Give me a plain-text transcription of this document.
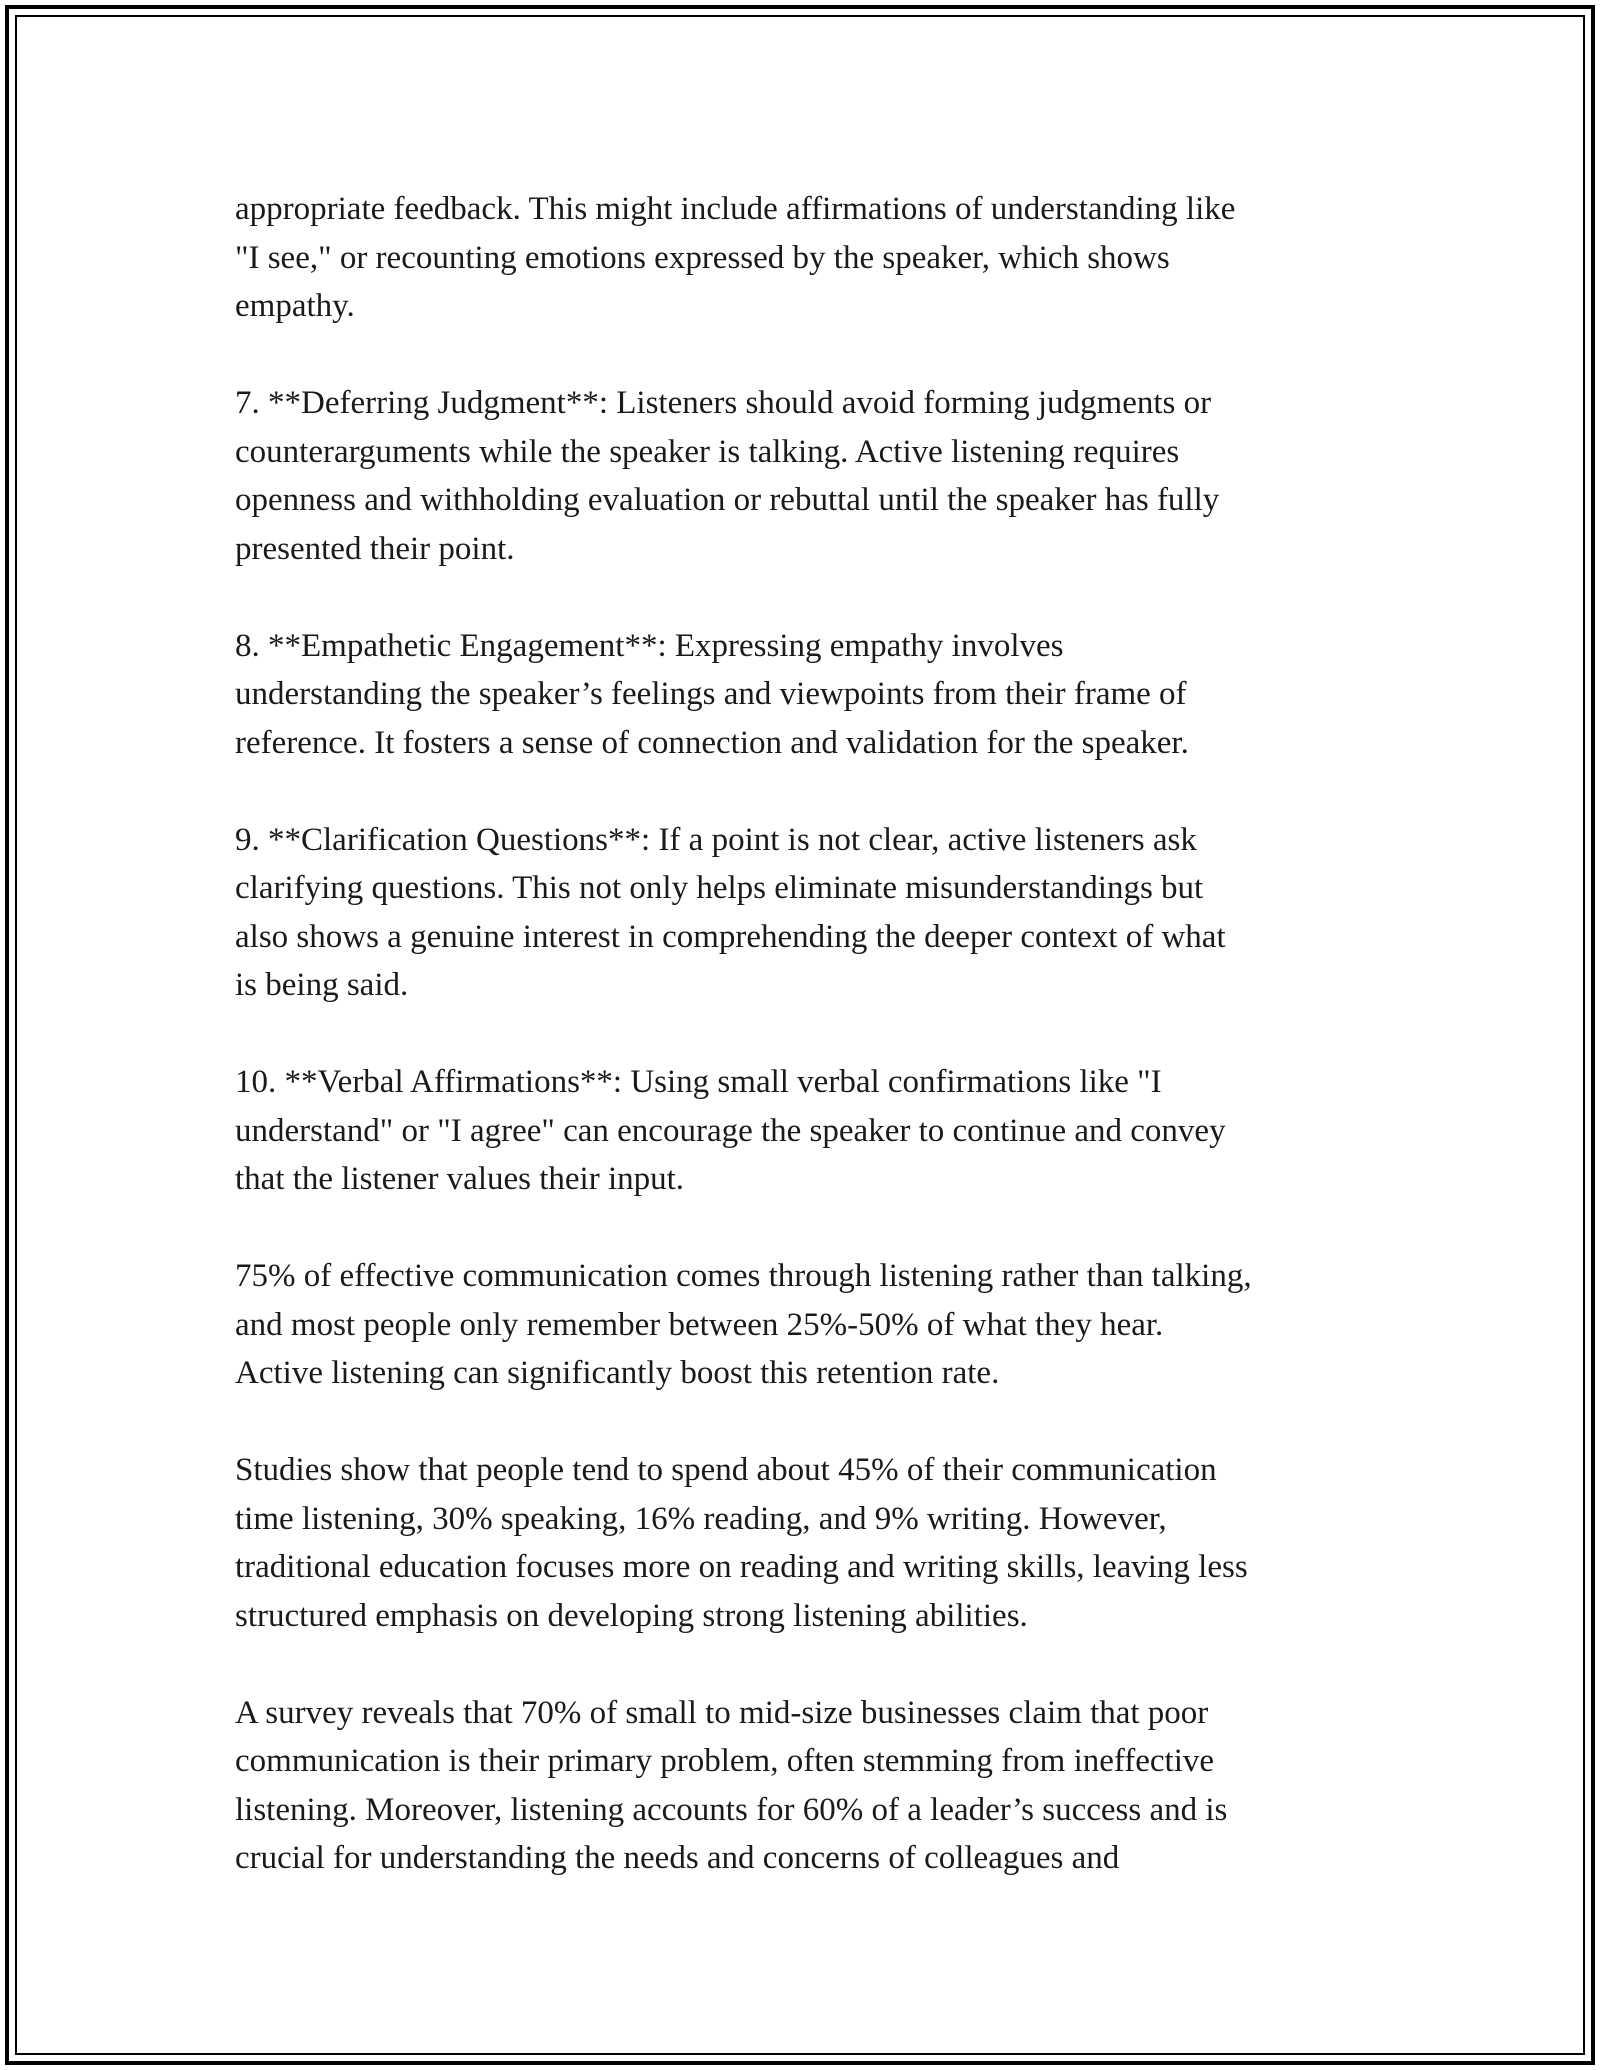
appropriate feedback. This might include affirmations of understanding like
"I see," or recounting emotions expressed by the speaker, which shows
empathy.

7. **Deferring Judgment**: Listeners should avoid forming judgments or
counterarguments while the speaker is talking. Active listening requires
openness and withholding evaluation or rebuttal until the speaker has fully
presented their point.

8. **Empathetic Engagement**: Expressing empathy involves
understanding the speaker’s feelings and viewpoints from their frame of
reference. It fosters a sense of connection and validation for the speaker.

9. **Clarification Questions**: If a point is not clear, active listeners ask
clarifying questions. This not only helps eliminate misunderstandings but
also shows a genuine interest in comprehending the deeper context of what
is being said.

10. **Verbal Affirmations**: Using small verbal confirmations like "I
understand" or "I agree" can encourage the speaker to continue and convey
that the listener values their input.

75% of effective communication comes through listening rather than talking,
and most people only remember between 25%-50% of what they hear.
Active listening can significantly boost this retention rate.

Studies show that people tend to spend about 45% of their communication
time listening, 30% speaking, 16% reading, and 9% writing. However,
traditional education focuses more on reading and writing skills, leaving less
structured emphasis on developing strong listening abilities.

A survey reveals that 70% of small to mid-size businesses claim that poor
communication is their primary problem, often stemming from ineffective
listening. Moreover, listening accounts for 60% of a leader’s success and is
crucial for understanding the needs and concerns of colleagues and
